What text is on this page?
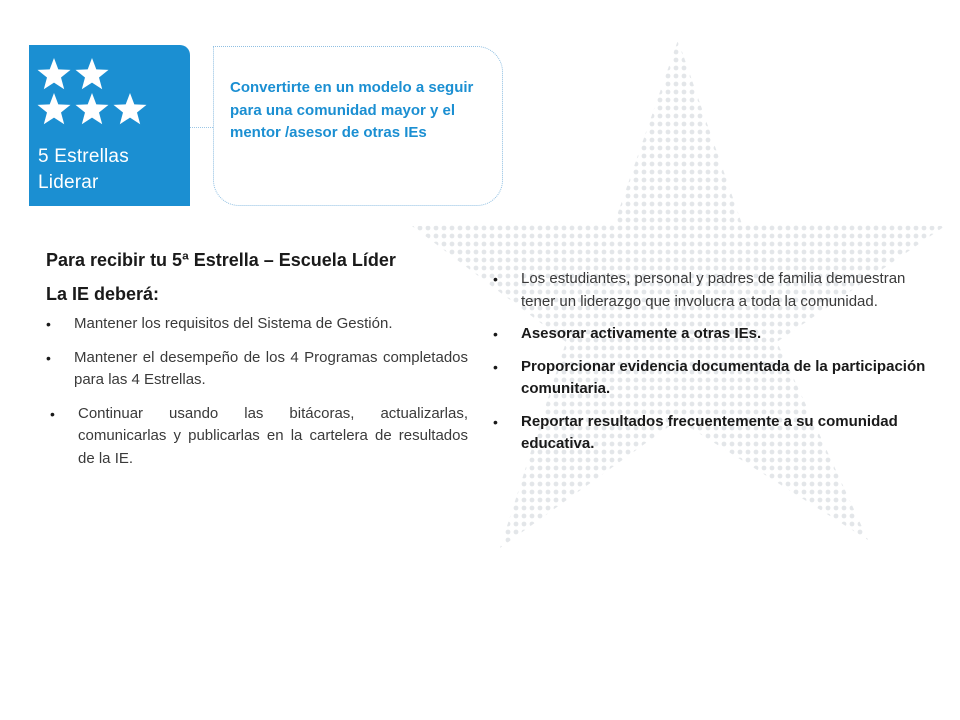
5 Estrellas
Liderar
Convertirte en un modelo a seguir para una comunidad mayor y el mentor /asesor de otras IEs
Para recibir tu 5ª Estrella – Escuela Líder
La IE deberá:
•	Mantener los requisitos del Sistema de Gestión.
•	Mantener el desempeño de los 4 Programas completados para las 4 Estrellas.
•	Continuar usando las bitácoras, actualizarlas, comunicarlas y publicarlas en la cartelera de resultados de la IE.
•	Los estudiantes, personal y padres de familia demuestran tener un liderazgo que involucra a toda la comunidad.
•	Asesorar activamente a otras IEs.
•	Proporcionar evidencia documentada de la participación comunitaria.
•	Reportar resultados frecuentemente a su comunidad educativa.
